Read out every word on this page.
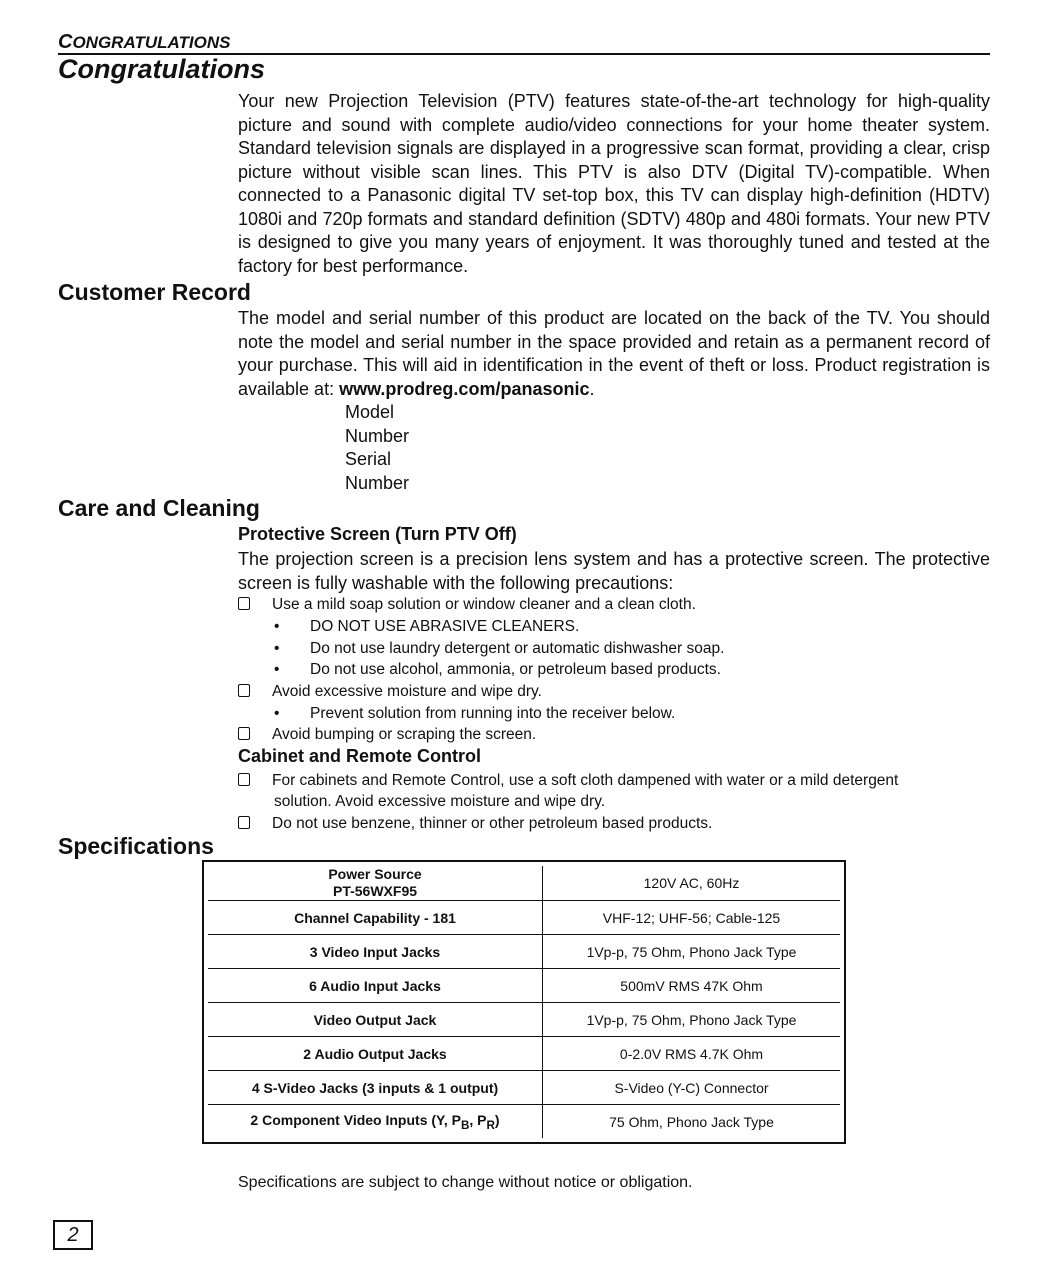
CONGRATULATIONS
Congratulations
Your new Projection Television (PTV) features state-of-the-art technology for high-quality picture and sound with complete audio/video connections for your home theater system. Standard television signals are displayed in a progressive scan format, providing a clear, crisp picture without visible scan lines. This PTV is also DTV (Digital TV)-compatible. When connected to a Panasonic digital TV set-top box, this TV can display high-definition (HDTV) 1080i and 720p formats and standard definition (SDTV) 480p and 480i formats. Your new PTV is designed to give you many years of enjoyment. It was thoroughly tuned and tested at the factory for best performance.
Customer Record
The model and serial number of this product are located on the back of the TV. You should note the model and serial number in the space provided and retain as a permanent record of your purchase. This will aid in identification in the event of theft or loss. Product registration is available at: www.prodreg.com/panasonic.
Model
Number
Serial
Number
Care and Cleaning
Protective Screen (Turn PTV Off)
The projection screen is a precision lens system and has a protective screen. The protective screen is fully washable with the following precautions:
Use a mild soap solution or window cleaner and a clean cloth.
• DO NOT USE ABRASIVE CLEANERS.
• Do not use laundry detergent or automatic dishwasher soap.
• Do not use alcohol, ammonia, or petroleum based products.
Avoid excessive moisture and wipe dry.
• Prevent solution from running into the receiver below.
Avoid bumping or scraping the screen.
Cabinet and Remote Control
For cabinets and Remote Control, use a soft cloth dampened with water or a mild detergent
solution. Avoid excessive moisture and wipe dry.
Do not use benzene, thinner or other petroleum based products.
Specifications
Power Source
PT-56WXF95	120V AC, 60Hz
Channel Capability - 181	VHF-12; UHF-56; Cable-125
3 Video Input Jacks	1Vp-p, 75 Ohm, Phono Jack Type
6 Audio Input Jacks	500mV RMS 47K Ohm
Video Output Jack	1Vp-p, 75 Ohm, Phono Jack Type
2 Audio Output Jacks	0-2.0V RMS 4.7K Ohm
4 S-Video Jacks (3 inputs & 1 output)	S-Video (Y-C) Connector
2 Component Video Inputs (Y, $P_B$, $P_R$)	75 Ohm, Phono Jack Type
Specifications are subject to change without notice or obligation.
2
